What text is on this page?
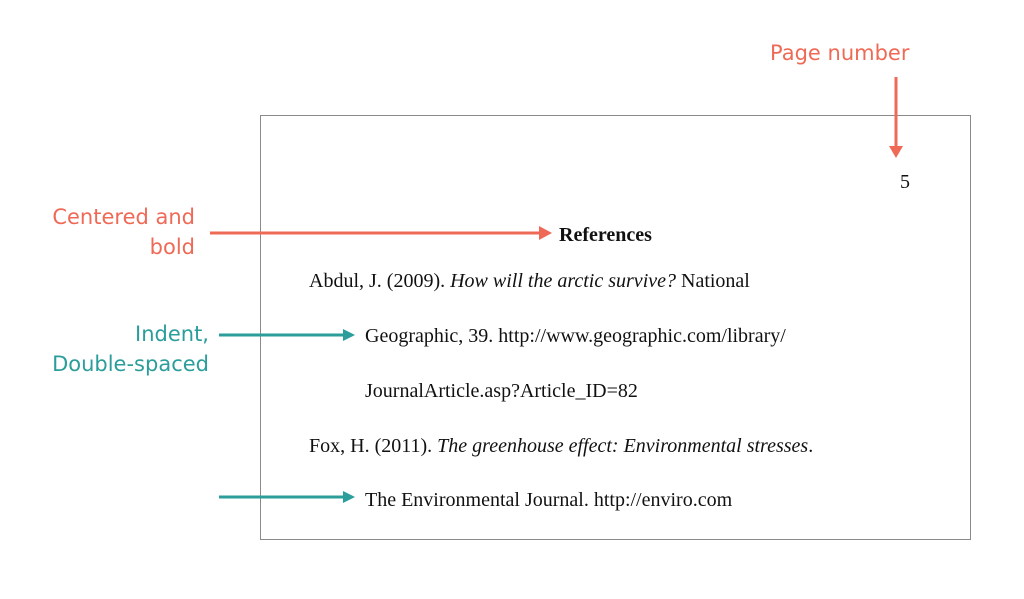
Page number
Centered and
bold
Indent,
Double-spaced
5
References
Abdul, J. (2009). How will the arctic survive? National
Geographic, 39. http://www.geographic.com/library/
JournalArticle.asp?Article_ID=82
Fox, H. (2011). The greenhouse effect: Environmental stresses.
The Environmental Journal. http://enviro.com
